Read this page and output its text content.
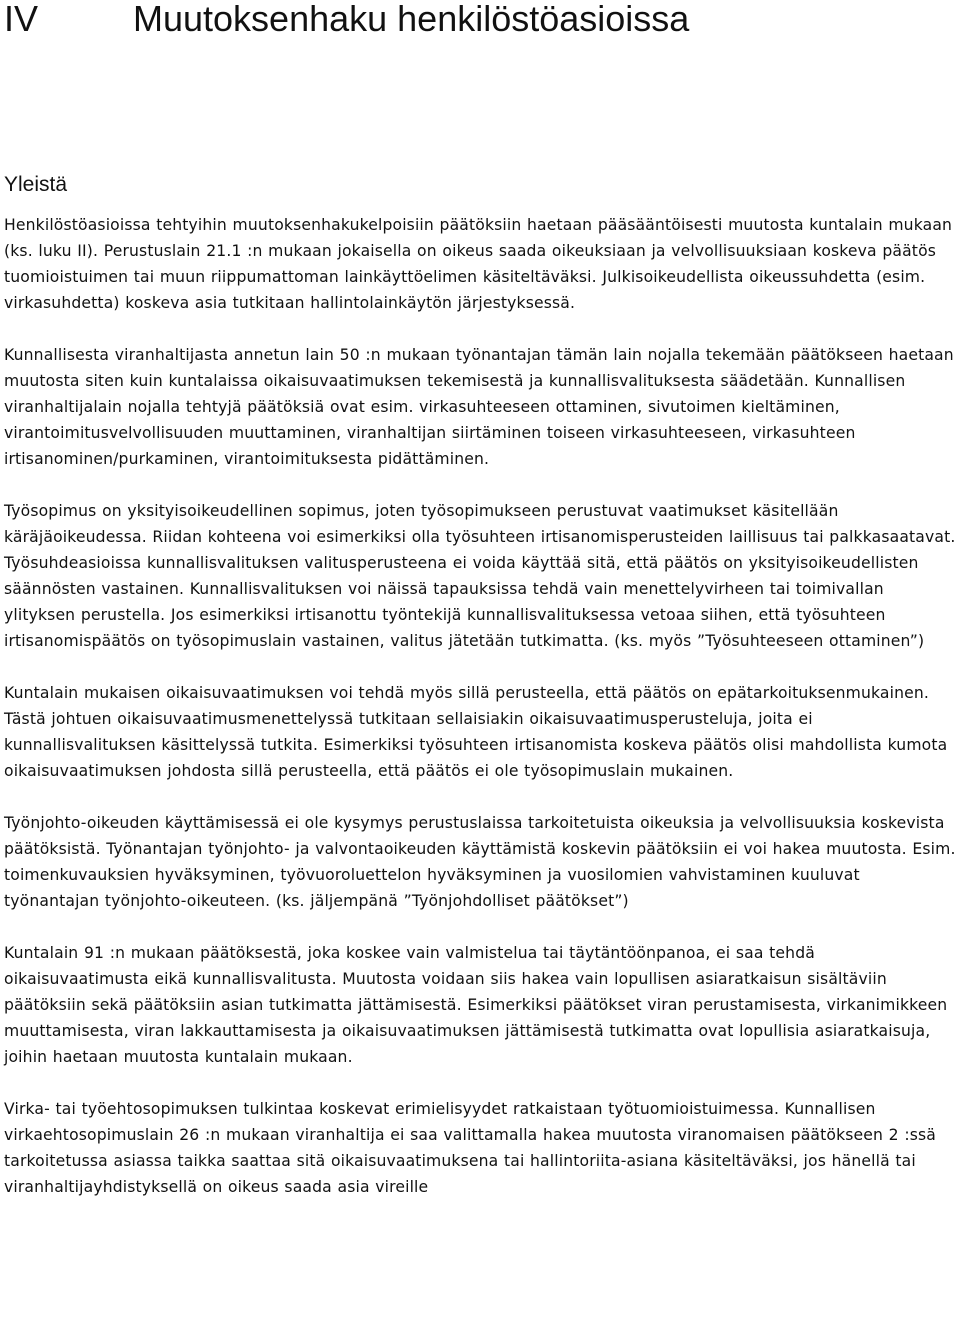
IV	Muutoksenhaku henkilöstöasioissa
Yleistä

Henkilöstöasioissa tehtyihin muutoksenhakukelpoisiin päätöksiin haetaan pääsääntöisesti muutosta kuntalain mukaan (ks. luku II). Perustuslain 21.1 :n mukaan jokaisella on oikeus saada oikeuksiaan ja velvollisuuksiaan koskeva päätös tuomioistuimen tai muun riippumattoman lainkäyttöelimen käsiteltäväksi. Julkisoikeudellista oikeussuhdetta (esim. virkasuhdetta) koskeva asia tutkitaan hallintolainkäytön järjestyksessä.

Kunnallisesta viranhaltijasta annetun lain 50 :n mukaan työnantajan tämän lain nojalla tekemään päätökseen haetaan muutosta siten kuin kuntalaissa oikaisuvaatimuksen tekemisestä ja kunnallisvalituksesta säädetään. Kunnallisen viranhaltijalain nojalla tehtyjä päätöksiä ovat esim. virkasuhteeseen ottaminen, sivutoimen kieltäminen, virantoimitusvelvollisuuden muuttaminen, viranhaltijan siirtäminen toiseen virkasuhteeseen, virkasuhteen irtisanominen/purkaminen, virantoimituksesta pidättäminen.

Työsopimus on yksityisoikeudellinen sopimus, joten työsopimukseen perustuvat vaatimukset käsitellään käräjäoikeudessa. Riidan kohteena voi esimerkiksi olla työsuhteen irtisanomisperusteiden laillisuus tai palkkasaatavat. Työsuhdeasioissa kunnallisvalituksen valitusperusteena ei voida käyttää sitä, että päätös on yksityisoikeudellisten säännösten vastainen. Kunnallisvalituksen voi näissä tapauksissa tehdä vain menettelyvirheen tai toimivallan ylityksen perustella. Jos esimerkiksi irtisanottu työntekijä kunnallisvalituksessa vetoaa siihen, että työsuhteen irtisanomispäätös on työsopimuslain vastainen, valitus jätetään tutkimatta. (ks. myös ”Työsuhteeseen ottaminen”)

Kuntalain mukaisen oikaisuvaatimuksen voi tehdä myös sillä perusteella, että päätös on epätarkoituksenmukainen. Tästä johtuen oikaisuvaatimusmenettelyssä tutkitaan sellaisiakin oikaisuvaatimusperusteluja, joita ei kunnallisvalituksen käsittelyssä tutkita. Esimerkiksi työsuhteen irtisanomista koskeva päätös olisi mahdollista kumota oikaisuvaatimuksen johdosta sillä perusteella, että päätös ei ole työsopimuslain mukainen.

Työnjohto-oikeuden käyttämisessä ei ole kysymys perustuslaissa tarkoitetuista oikeuksia ja velvollisuuksia koskevista päätöksistä. Työnantajan työnjohto- ja valvontaoikeuden käyttämistä koskevin päätöksiin ei voi hakea muutosta. Esim. toimenkuvauksien hyväksyminen, työvuoroluettelon hyväksyminen ja vuosilomien vahvistaminen kuuluvat työnantajan työnjohto-oikeuteen. (ks. jäljempänä ”Työnjohdolliset päätökset”)

Kuntalain 91 :n mukaan päätöksestä, joka koskee vain valmistelua tai täytäntöönpanoa, ei saa tehdä oikaisuvaatimusta eikä kunnallisvalitusta. Muutosta voidaan siis hakea vain lopullisen asiaratkaisun sisältäviin päätöksiin sekä päätöksiin asian tutkimatta jättämisestä. Esimerkiksi päätökset viran perustamisesta, virkanimikkeen muuttamisesta, viran lakkauttamisesta ja oikaisuvaatimuksen jättämisestä tutkimatta ovat lopullisia asiaratkaisuja, joihin haetaan muutosta kuntalain mukaan.

Virka- tai työehtosopimuksen tulkintaa koskevat erimielisyydet ratkaistaan työtuomioistuimessa. Kunnallisen virkaehtosopimuslain 26 :n mukaan viranhaltija ei saa valittamalla hakea muutosta viranomaisen päätökseen 2 :ssä tarkoitetussa asiassa taikka saattaa sitä oikaisuvaatimuksena tai hallintoriita-asiana käsiteltäväksi, jos hänellä tai viranhaltijayhdistyksellä on oikeus saada asia vireille
